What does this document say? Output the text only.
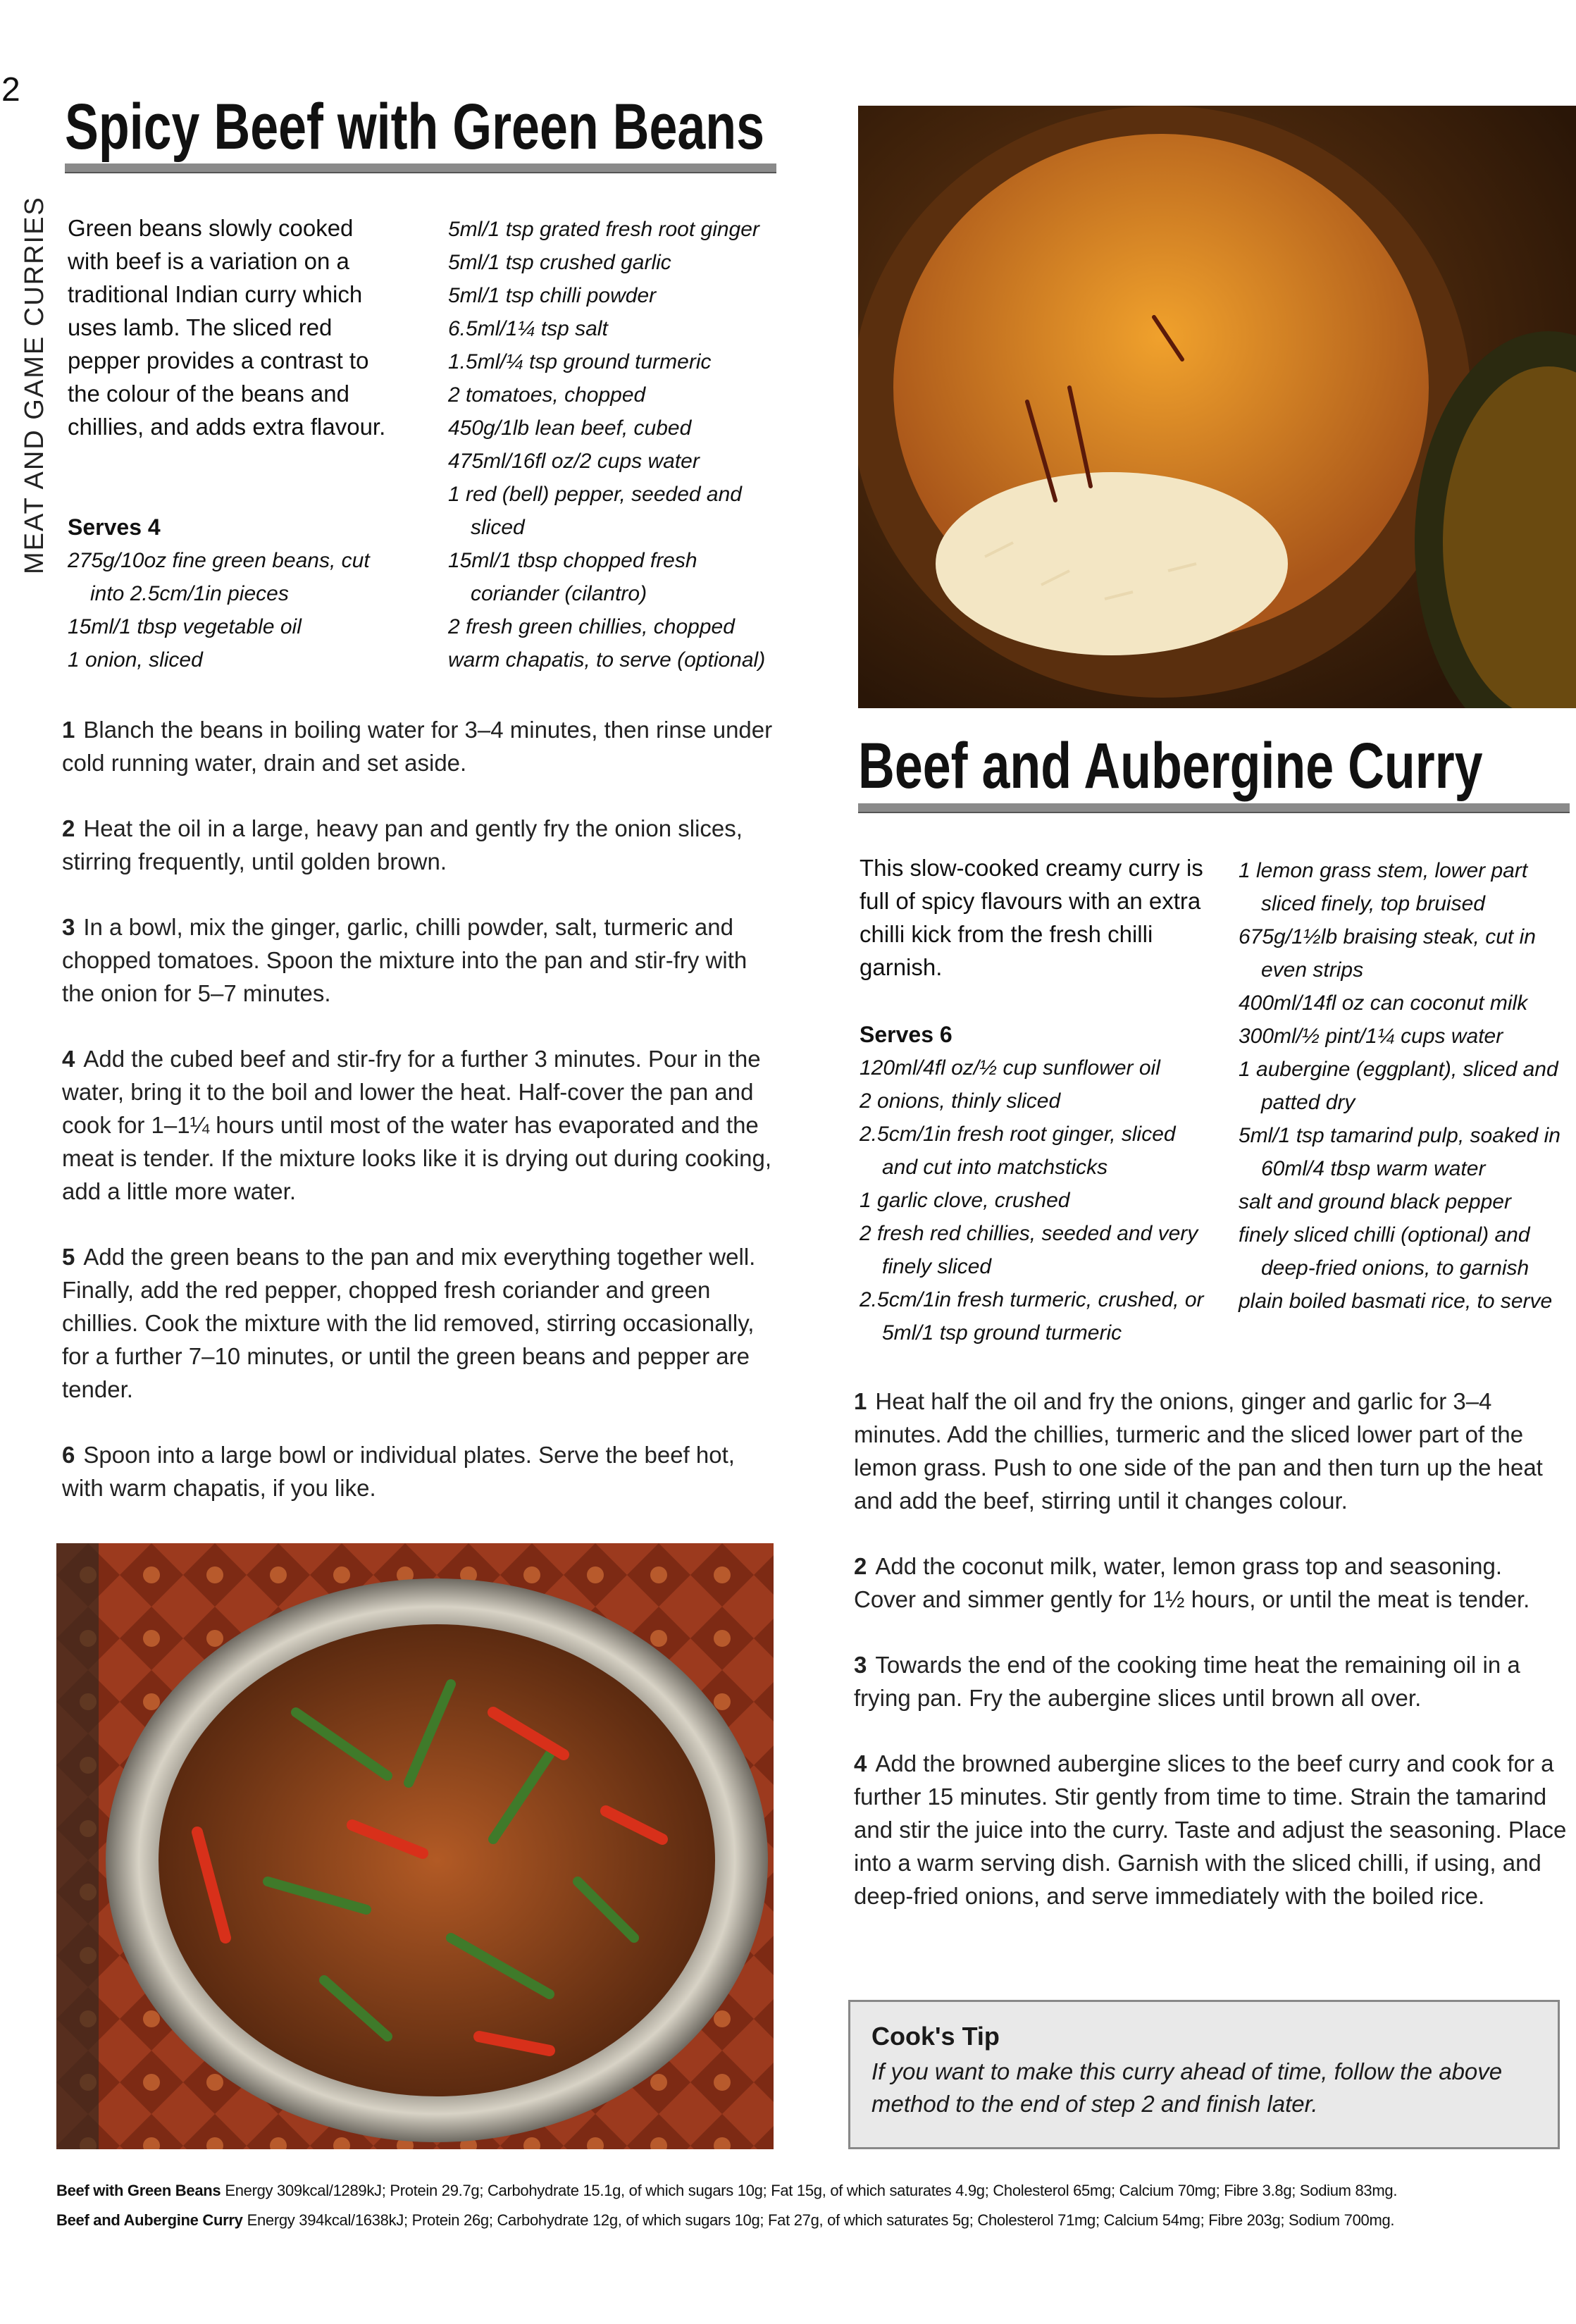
MEAT AND GAME CURRIES
2
Spicy Beef with Green Beans
Green beans slowly cooked with beef is a variation on a traditional Indian curry which uses lamb. The sliced red pepper provides a contrast to the colour of the beans and chillies, and adds extra flavour.

Serves 4

275g/10oz fine green beans, cut into 2.5cm/1in pieces

15ml/1 tbsp vegetable oil

1 onion, sliced

5ml/1 tsp grated fresh root ginger

5ml/1 tsp crushed garlic

5ml/1 tsp chilli powder

6.5ml/1¼ tsp salt

1.5ml/¼ tsp ground turmeric

2 tomatoes, chopped

450g/1lb lean beef, cubed

475ml/16fl oz/2 cups water

1 red (bell) pepper, seeded and sliced

15ml/1 tbsp chopped fresh coriander (cilantro)

2 fresh green chillies, chopped

warm chapatis, to serve (optional)

1 Blanch the beans in boiling water for 3–4 minutes, then rinse under cold running water, drain and set aside.

2 Heat the oil in a large, heavy pan and gently fry the onion slices, stirring frequently, until golden brown.

3 In a bowl, mix the ginger, garlic, chilli powder, salt, turmeric and chopped tomatoes. Spoon the mixture into the pan and stir-fry with the onion for 5–7 minutes.

4 Add the cubed beef and stir-fry for a further 3 minutes. Pour in the water, bring it to the boil and lower the heat. Half-cover the pan and cook for 1–1¼ hours until most of the water has evaporated and the meat is tender. If the mixture looks like it is drying out during cooking, add a little more water.

5 Add the green beans to the pan and mix everything together well. Finally, add the red pepper, chopped fresh coriander and green chillies. Cook the mixture with the lid removed, stirring occasionally, for a further 7–10 minutes, or until the green beans and pepper are tender.

6 Spoon into a large bowl or individual plates. Serve the beef hot, with warm chapatis, if you like.

Beef and Aubergine Curry
This slow-cooked creamy curry is full of spicy flavours with an extra chilli kick from the fresh chilli garnish.

Serves 6

120ml/4fl oz/½ cup sunflower oil

2 onions, thinly sliced

2.5cm/1in fresh root ginger, sliced and cut into matchsticks

1 garlic clove, crushed

2 fresh red chillies, seeded and very finely sliced

2.5cm/1in fresh turmeric, crushed, or 5ml/1 tsp ground turmeric

1 lemon grass stem, lower part sliced finely, top bruised

675g/1½lb braising steak, cut in even strips

400ml/14fl oz can coconut milk

300ml/½ pint/1¼ cups water

1 aubergine (eggplant), sliced and patted dry

5ml/1 tsp tamarind pulp, soaked in 60ml/4 tbsp warm water

salt and ground black pepper

finely sliced chilli (optional) and deep-fried onions, to garnish

plain boiled basmati rice, to serve

1 Heat half the oil and fry the onions, ginger and garlic for 3–4 minutes. Add the chillies, turmeric and the sliced lower part of the lemon grass. Push to one side of the pan and then turn up the heat and add the beef, stirring until it changes colour.

2 Add the coconut milk, water, lemon grass top and seasoning. Cover and simmer gently for 1½ hours, or until the meat is tender.

3 Towards the end of the cooking time heat the remaining oil in a frying pan. Fry the aubergine slices until brown all over.

4 Add the browned aubergine slices to the beef curry and cook for a further 15 minutes. Stir gently from time to time. Strain the tamarind and stir the juice into the curry. Taste and adjust the seasoning. Place into a warm serving dish. Garnish with the sliced chilli, if using, and deep-fried onions, and serve immediately with the boiled rice.

Cook's Tip
If you want to make this curry ahead of time, follow the above method to the end of step 2 and finish later.
Beef with Green Beans Energy 309kcal/1289kJ; Protein 29.7g; Carbohydrate 15.1g, of which sugars 10g; Fat 15g, of which saturates 4.9g; Cholesterol 65mg; Calcium 70mg; Fibre 3.8g; Sodium 83mg.
Beef and Aubergine Curry Energy 394kcal/1638kJ; Protein 26g; Carbohydrate 12g, of which sugars 10g; Fat 27g, of which saturates 5g; Cholesterol 71mg; Calcium 54mg; Fibre 203g; Sodium 700mg.
